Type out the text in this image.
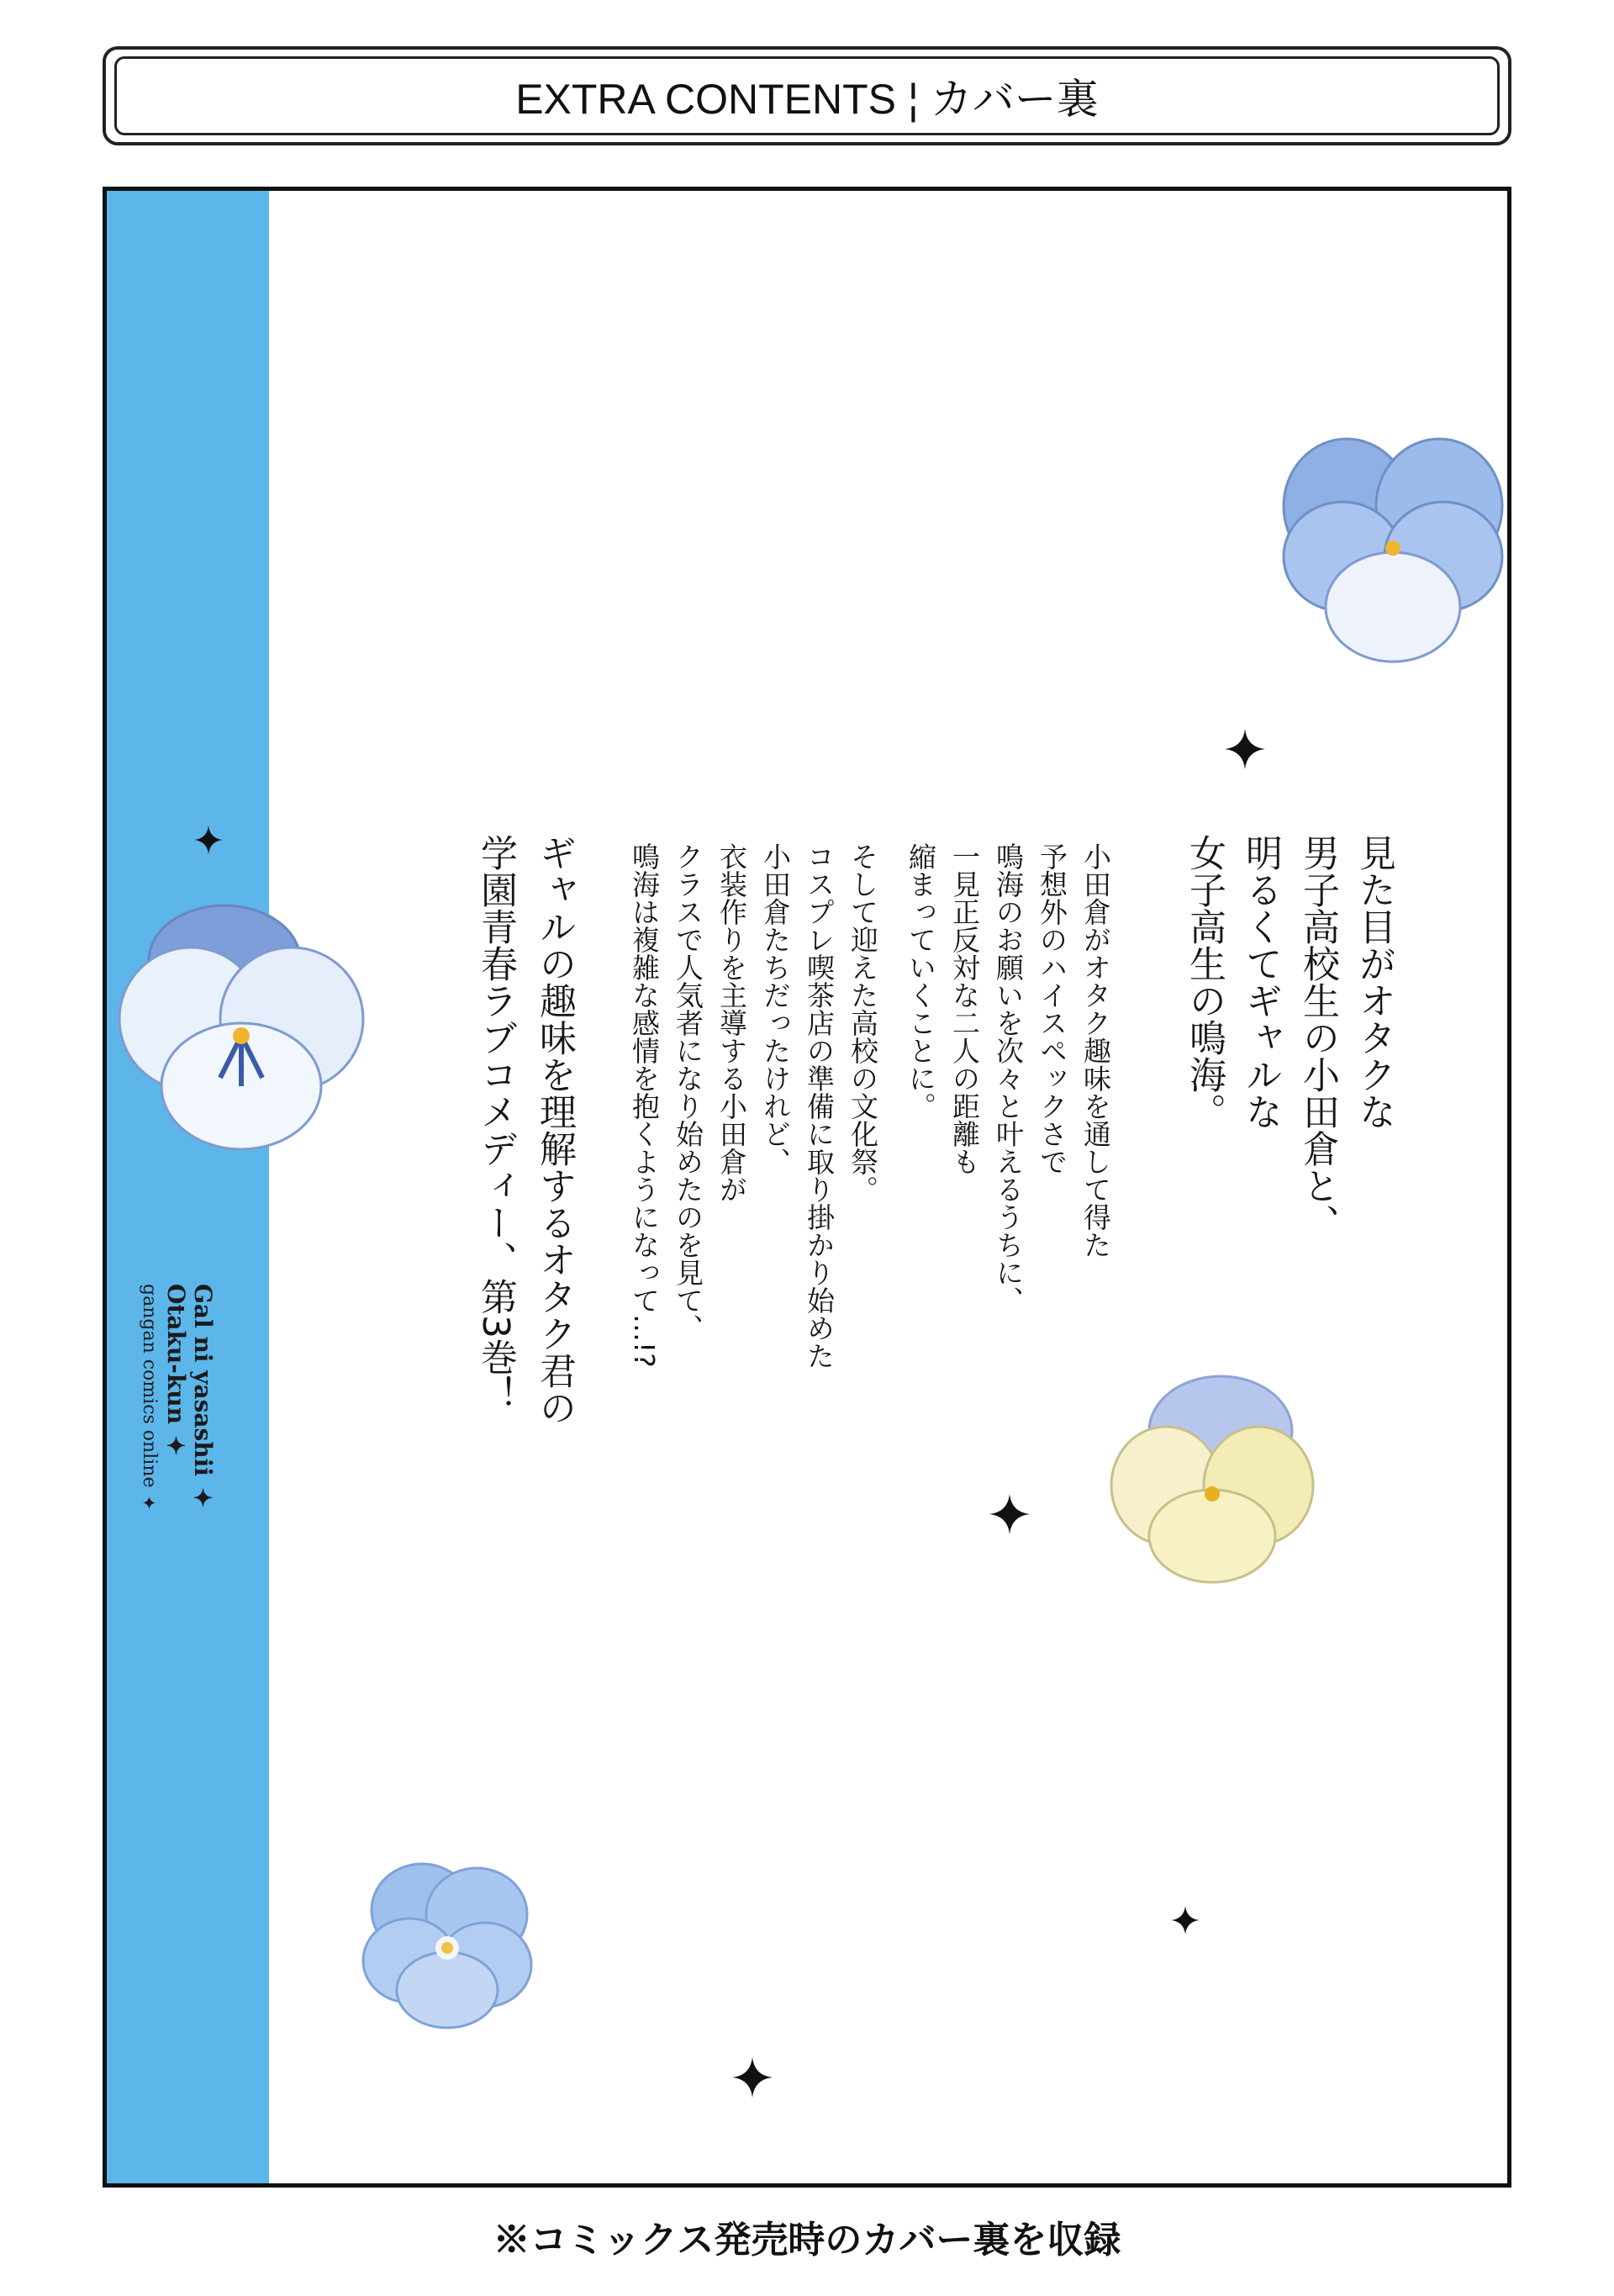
EXTRA CONTENTS ¦ カバー裏
Gal ni yasashii ✦
Otaku-kun ✦
gangan comics online ✦
見た目がオタクな
男子高校生の小田倉と、
明るくてギャルな
女子高生の鳴海。
小田倉がオタク趣味を通して得た
予想外のハイスペックさで
鳴海のお願いを次々と叶えるうちに、
一見正反対な二人の距離も
縮まっていくことに。
そして迎えた高校の文化祭。
コスプレ喫茶店の準備に取り掛かり始めた
小田倉たちだったけれど、
衣装作りを主導する小田倉が
クラスで人気者になり始めたのを見て、
鳴海は複雑な感情を抱くようになって…!?
ギャルの趣味を理解するオタク君の
学園青春ラブコメディー、第3巻！
※コミックス発売時のカバー裏を収録
